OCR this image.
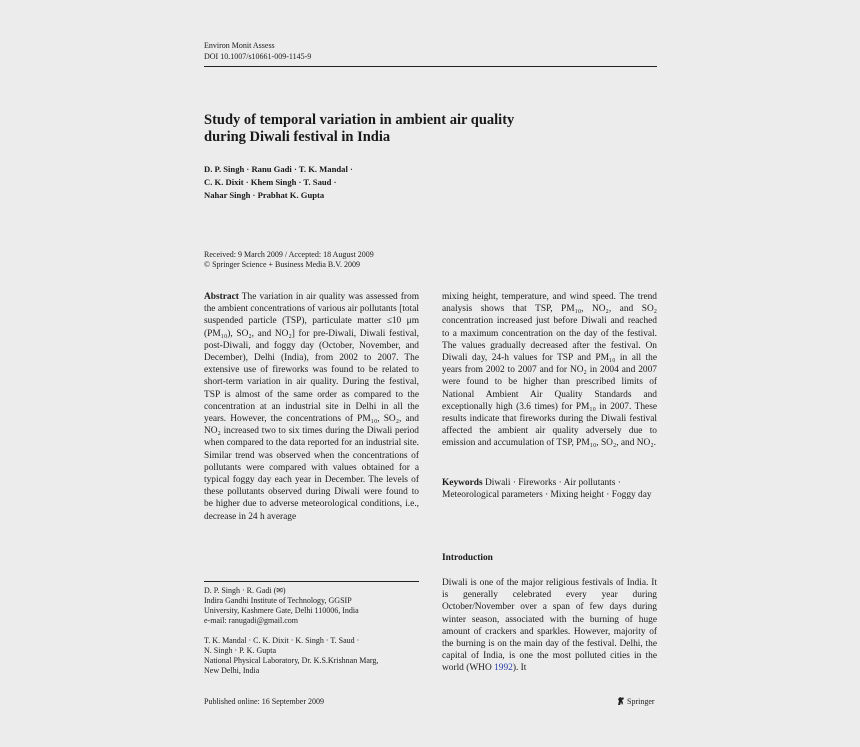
Environ Monit Assess
DOI 10.1007/s10661-009-1145-9
Study of temporal variation in ambient air quality
during Diwali festival in India
D. P. Singh · Ranu Gadi · T. K. Mandal ·
C. K. Dixit · Khem Singh · T. Saud ·
Nahar Singh · Prabhat K. Gupta
Received: 9 March 2009 / Accepted: 18 August 2009
© Springer Science + Business Media B.V. 2009
Abstract The variation in air quality was assessed from the ambient concentrations of various air pollutants [total suspended particle (TSP), particulate matter ≤10 μm (PM₁₀), SO₂, and NO₂] for pre-Diwali, Diwali festival, post-Diwali, and foggy day (October, November, and December), Delhi (India), from 2002 to 2007. The extensive use of fireworks was found to be related to short-term variation in air quality. During the festival, TSP is almost of the same order as compared to the concentration at an industrial site in Delhi in all the years. However, the concentrations of PM₁₀, SO₂, and NO₂ increased two to six times during the Diwali period when compared to the data reported for an industrial site. Similar trend was observed when the concentrations of pollutants were compared with values obtained for a typical foggy day each year in December. The levels of these pollutants observed during Diwali were found to be higher due to adverse meteorological conditions, i.e., decrease in 24 h average
mixing height, temperature, and wind speed. The trend analysis shows that TSP, PM₁₀, NO₂, and SO₂ concentration increased just before Diwali and reached to a maximum concentration on the day of the festival. The values gradually decreased after the festival. On Diwali day, 24-h values for TSP and PM₁₀ in all the years from 2002 to 2007 and for NO₂ in 2004 and 2007 were found to be higher than prescribed limits of National Ambient Air Quality Standards and exceptionally high (3.6 times) for PM₁₀ in 2007. These results indicate that fireworks during the Diwali festival affected the ambient air quality adversely due to emission and accumulation of TSP, PM₁₀, SO₂, and NO₂.
Keywords Diwali · Fireworks · Air pollutants · Meteorological parameters · Mixing height · Foggy day
Introduction
Diwali is one of the major religious festivals of India. It is generally celebrated every year during October/November over a span of few days during winter season, associated with the burning of huge amount of crackers and sparkles. However, majority of the burning is on the main day of the festival. Delhi, the capital of India, is one the most polluted cities in the world (WHO 1992). It
D. P. Singh · R. Gadi (✉)
Indira Gandhi Institute of Technology, GGSIP
University, Kashmere Gate, Delhi 110006, India
e-mail: ranugadi@gmail.com
T. K. Mandal · C. K. Dixit · K. Singh · T. Saud ·
N. Singh · P. K. Gupta
National Physical Laboratory, Dr. K.S.Krishnan Marg,
New Delhi, India
Published online: 16 September 2009	Springer
